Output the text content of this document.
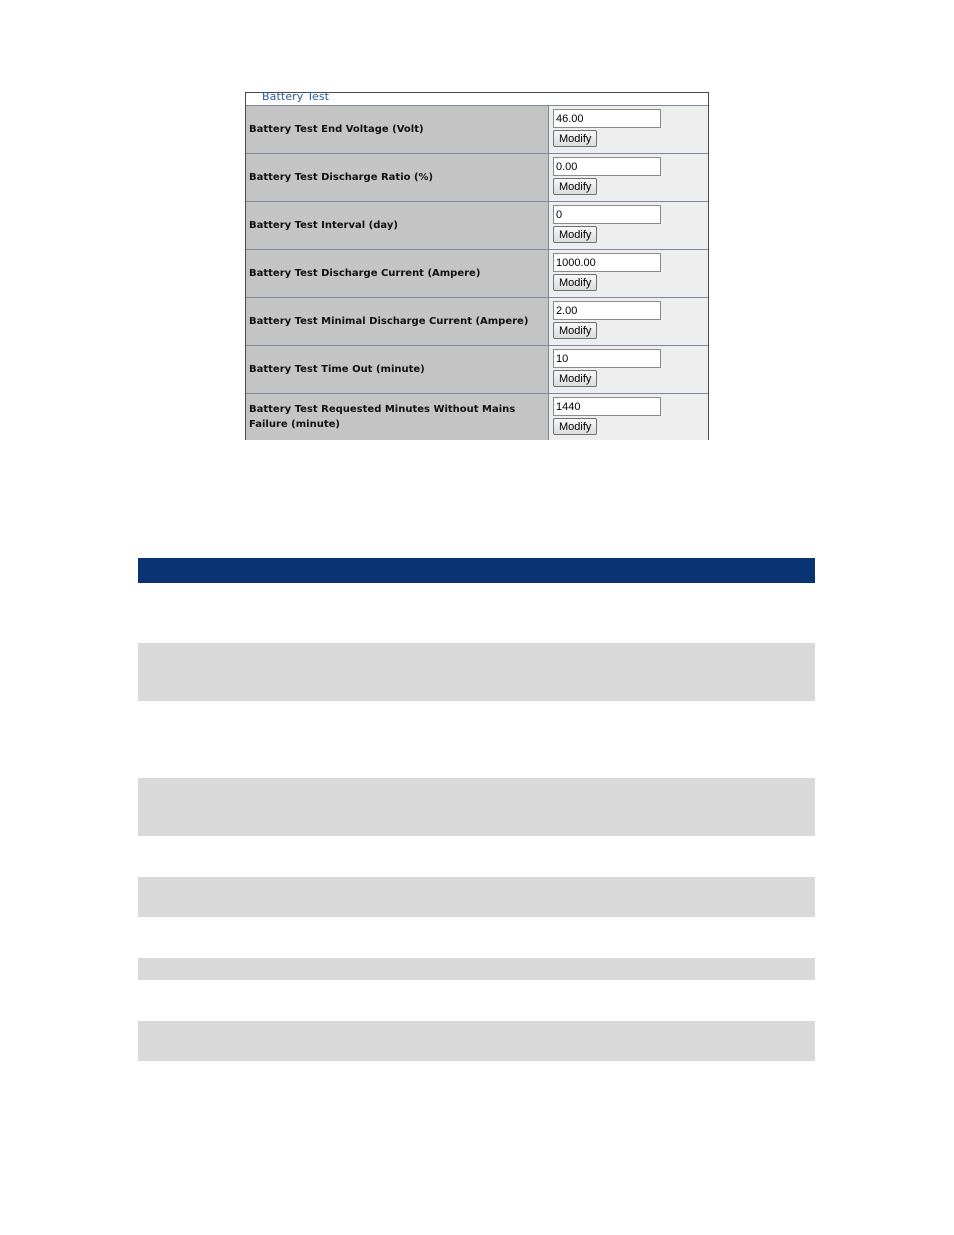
Battery Test
Battery Test End Voltage (Volt)
46.00
Modify
Battery Test Discharge Ratio (%)
0.00
Modify
Battery Test Interval (day)
0
Modify
Battery Test Discharge Current (Ampere)
1000.00
Modify
Battery Test Minimal Discharge Current (Ampere)
2.00
Modify
Battery Test Time Out (minute)
10
Modify
Battery Test Requested Minutes Without Mains Failure (minute)
1440	Modify
